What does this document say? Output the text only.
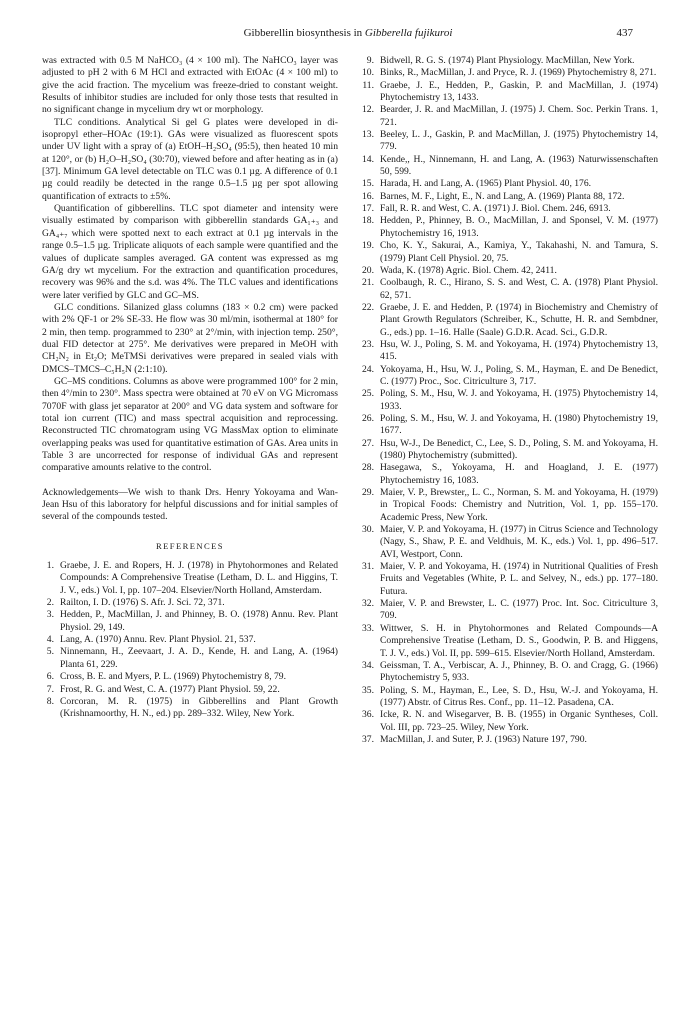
Gibberellin biosynthesis in Gibberella fujikuroi	437

was extracted with 0.5 M NaHCO₃ (4 × 100 ml). The NaHCO₃ layer was adjusted to pH 2 with 6 M HCl and extracted with EtOAc (4 × 100 ml) to give the acid fraction. The mycelium was freeze-dried to constant weight. Results of inhibitor studies are included for only those tests that resulted in no significant change in mycelium dry wt or morphology.

TLC conditions. Analytical Si gel G plates were developed in di-isopropyl ether–HOAc (19:1). GAs were visualized as fluorescent spots under UV light with a spray of (a) EtOH–H₂SO₄ (95:5), then heated 10 min at 120°, or (b) H₂O–H₂SO₄ (30:70), viewed before and after heating as in (a) [37]. Minimum GA level detectable on TLC was 0.1 µg. A difference of 0.1 µg could readily be detected in the range 0.5–1.5 µg per spot allowing quantification of extracts to ±5%.

Quantification of gibberellins. TLC spot diameter and intensity were visually estimated by comparison with gibberellin standards GA₁₊₃ and GA₄₊₇ which were spotted next to each extract at 0.1 µg intervals in the range 0.5–1.5 µg. Triplicate aliquots of each sample were quantified and the values of duplicate samples averaged. GA content was expressed as mg GA/g dry wt mycelium. For the extraction and quantification procedures, recovery was 96% and the s.d. was 4%. The TLC values and identifications were later verified by GLC and GC–MS.

GLC conditions. Silanized glass columns (183 × 0.2 cm) were packed with 2% QF-1 or 2% SE-33. He flow was 30 ml/min, isothermal at 180° for 2 min, then temp. programmed to 230° at 2°/min, with injection temp. 250°, dual FID detector at 275°. Me derivatives were prepared in MeOH with CH₂N₂ in Et₂O; MeTMSi derivatives were prepared in sealed vials with DMCS–TMCS–C₅H₅N (2:1:10).

GC–MS conditions. Columns as above were programmed 100° for 2 min, then 4°/min to 230°. Mass spectra were obtained at 70 eV on VG Micromass 7070F with glass jet separator at 200° and VG data system and software for total ion current (TIC) and mass spectral acquisition and reprocessing. Reconstructed TIC chromatogram using VG MassMax option to eliminate overlapping peaks was used for quantitative estimation of GAs. Area units in Table 3 are uncorrected for response of individual GAs and represent comparative amounts relative to the control.

Acknowledgements—We wish to thank Drs. Henry Yokoyama and Wan-Jean Hsu of this laboratory for helpful discussions and for initial samples of several of the compounds tested.

REFERENCES
1. Graebe, J. E. and Ropers, H. J. (1978) in Phytohormones and Related Compounds: A Comprehensive Treatise (Letham, D. L. and Higgins, T. J. V., eds.) Vol. I, pp. 107–204. Elsevier/North Holland, Amsterdam.
2. Railton, I. D. (1976) S. Afr. J. Sci. 72, 371.
3. Hedden, P., MacMillan, J. and Phinney, B. O. (1978) Annu. Rev. Plant Physiol. 29, 149.
4. Lang, A. (1970) Annu. Rev. Plant Physiol. 21, 537.
5. Ninnemann, H., Zeevaart, J. A. D., Kende, H. and Lang, A. (1964) Planta 61, 229.
6. Cross, B. E. and Myers, P. L. (1969) Phytochemistry 8, 79.
7. Frost, R. G. and West, C. A. (1977) Plant Physiol. 59, 22.
8. Corcoran, M. R. (1975) in Gibberellins and Plant Growth (Krishnamoorthy, H. N., ed.) pp. 289–332. Wiley, New York.
9. Bidwell, R. G. S. (1974) Plant Physiology. MacMillan, New York.
10. Binks, R., MacMillan, J. and Pryce, R. J. (1969) Phytochemistry 8, 271.
11. Graebe, J. E., Hedden, P., Gaskin, P. and MacMillan, J. (1974) Phytochemistry 13, 1433.
12. Bearder, J. R. and MacMillan, J. (1975) J. Chem. Soc. Perkin Trans. 1, 721.
13. Beeley, L. J., Gaskin, P. and MacMillan, J. (1975) Phytochemistry 14, 779.
14. Kende,, H., Ninnemann, H. and Lang, A. (1963) Naturwissenschaften 50, 599.
15. Harada, H. and Lang, A. (1965) Plant Physiol. 40, 176.
16. Barnes, M. F., Light, E., N. and Lang, A. (1969) Planta 88, 172.
17. Fall, R. R. and West, C. A. (1971) J. Biol. Chem. 246, 6913.
18. Hedden, P., Phinney, B. O., MacMillan, J. and Sponsel, V. M. (1977) Phytochemistry 16, 1913.
19. Cho, K. Y., Sakurai, A., Kamiya, Y., Takahashi, N. and Tamura, S. (1979) Plant Cell Physiol. 20, 75.
20. Wada, K. (1978) Agric. Biol. Chem. 42, 2411.
21. Coolbaugh, R. C., Hirano, S. S. and West, C. A. (1978) Plant Physiol. 62, 571.
22. Graebe, J. E. and Hedden, P. (1974) in Biochemistry and Chemistry of Plant Growth Regulators (Schreiber, K., Schutte, H. R. and Sembdner, G., eds.) pp. 1–16. Halle (Saale) G.D.R. Acad. Sci., G.D.R.
23. Hsu, W. J., Poling, S. M. and Yokoyama, H. (1974) Phytochemistry 13, 415.
24. Yokoyama, H., Hsu, W. J., Poling, S. M., Hayman, E. and De Benedict, C. (1977) Proc., Soc. Citriculture 3, 717.
25. Poling, S. M., Hsu, W. J. and Yokoyama, H. (1975) Phytochemistry 14, 1933.
26. Poling, S. M., Hsu, W. J. and Yokoyama, H. (1980) Phytochemistry 19, 1677.
27. Hsu, W-J., De Benedict, C., Lee, S. D., Poling, S. M. and Yokoyama, H. (1980) Phytochemistry (submitted).
28. Hasegawa, S., Yokoyama, H. and Hoagland, J. E. (1977) Phytochemistry 16, 1083.
29. Maier, V. P., Brewster,, L. C., Norman, S. M. and Yokoyama, H. (1979) in Tropical Foods: Chemistry and Nutrition, Vol. 1, pp. 155–170. Academic Press, New York.
30. Maier, V. P. and Yokoyama, H. (1977) in Citrus Science and Technology (Nagy, S., Shaw, P. E. and Veldhuis, M. K., eds.) Vol. 1, pp. 496–517. AVI, Westport, Conn.
31. Maier, V. P. and Yokoyama, H. (1974) in Nutritional Qualities of Fresh Fruits and Vegetables (White, P. L. and Selvey, N., eds.) pp. 177–180. Futura.
32. Maier, V. P. and Brewster, L. C. (1977) Proc. Int. Soc. Citriculture 3, 709.
33. Wittwer, S. H. in Phytohormones and Related Compounds—A Comprehensive Treatise (Letham, D. S., Goodwin, P. B. and Higgens, T. J. V., eds.) Vol. II, pp. 599–615. Elsevier/North Holland, Amsterdam.
34. Geissman, T. A., Verbiscar, A. J., Phinney, B. O. and Cragg, G. (1966) Phytochemistry 5, 933.
35. Poling, S. M., Hayman, E., Lee, S. D., Hsu, W.-J. and Yokoyama, H. (1977) Abstr. of Citrus Res. Conf., pp. 11–12. Pasadena, CA.
36. Icke, R. N. and Wisegarver, B. B. (1955) in Organic Syntheses, Coll. Vol. III, pp. 723–25. Wiley, New York.
37. MacMillan, J. and Suter, P. J. (1963) Nature 197, 790.
